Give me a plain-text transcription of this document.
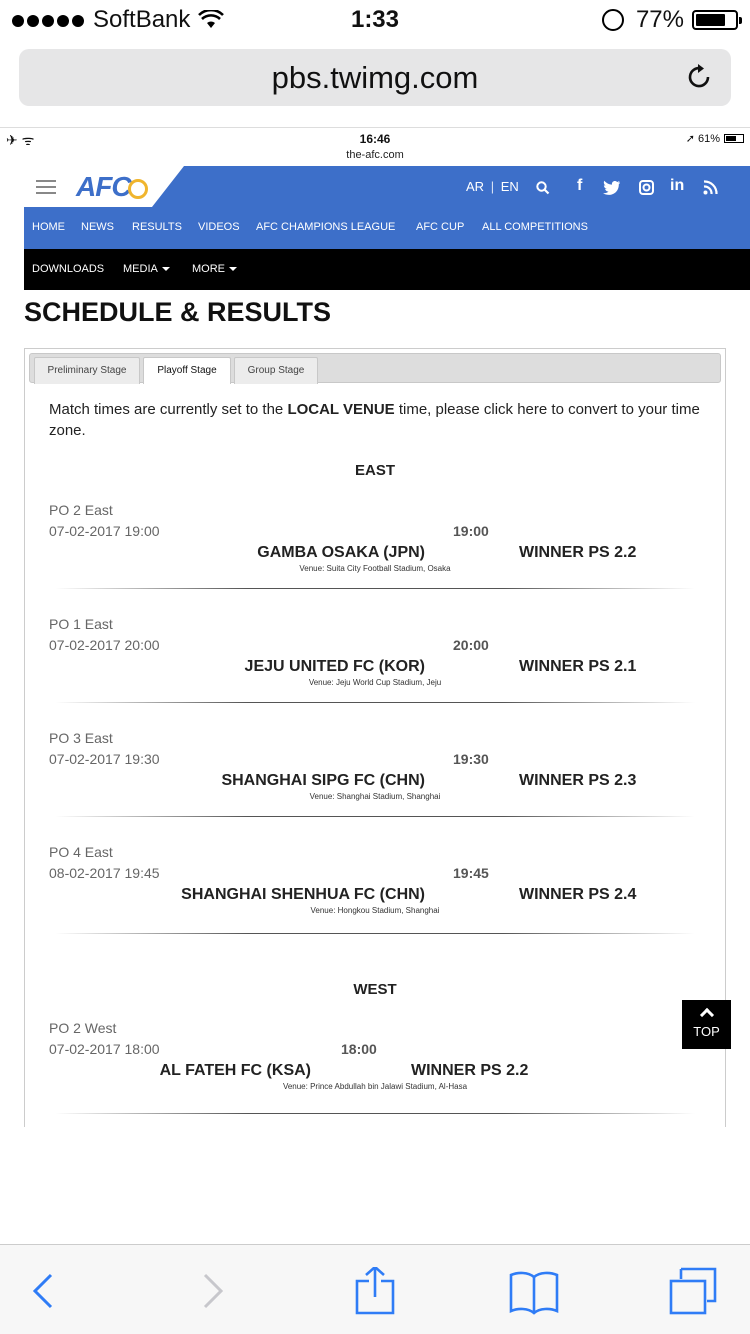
SoftBank	1:33	77%
pbs.twimg.com
✈ ᯤ	16:46
the-afc.com
➚ 61%
AFC	AR | EN	f	in
HOME NEWS RESULTS VIDEOS AFC CHAMPIONS LEAGUE AFC CUP ALL COMPETITIONS
DOWNLOADS MEDIA	MORE
SCHEDULE & RESULTS
Preliminary Stage	Playoff Stage	Group Stage
Match times are currently set to the LOCAL VENUE time, please click here to convert to your time zone.
EAST
PO 2 East
07-02-2017 19:00	19:00
GAMBA OSAKA (JPN)	WINNER PS 2.2
Venue: Suita City Football Stadium, Osaka
PO 1 East
07-02-2017 20:00	20:00
JEJU UNITED FC (KOR)	WINNER PS 2.1
Venue: Jeju World Cup Stadium, Jeju
PO 3 East
07-02-2017 19:30	19:30
SHANGHAI SIPG FC (CHN)	WINNER PS 2.3
Venue: Shanghai Stadium, Shanghai
PO 4 East
08-02-2017 19:45	19:45
SHANGHAI SHENHUA FC (CHN)	WINNER PS 2.4
Venue: Hongkou Stadium, Shanghai
WEST
PO 2 West
07-02-2017 18:00	18:00
AL FATEH FC (KSA)	WINNER PS 2.2
Venue: Prince Abdullah bin Jalawi Stadium, Al-Hasa
TOP
